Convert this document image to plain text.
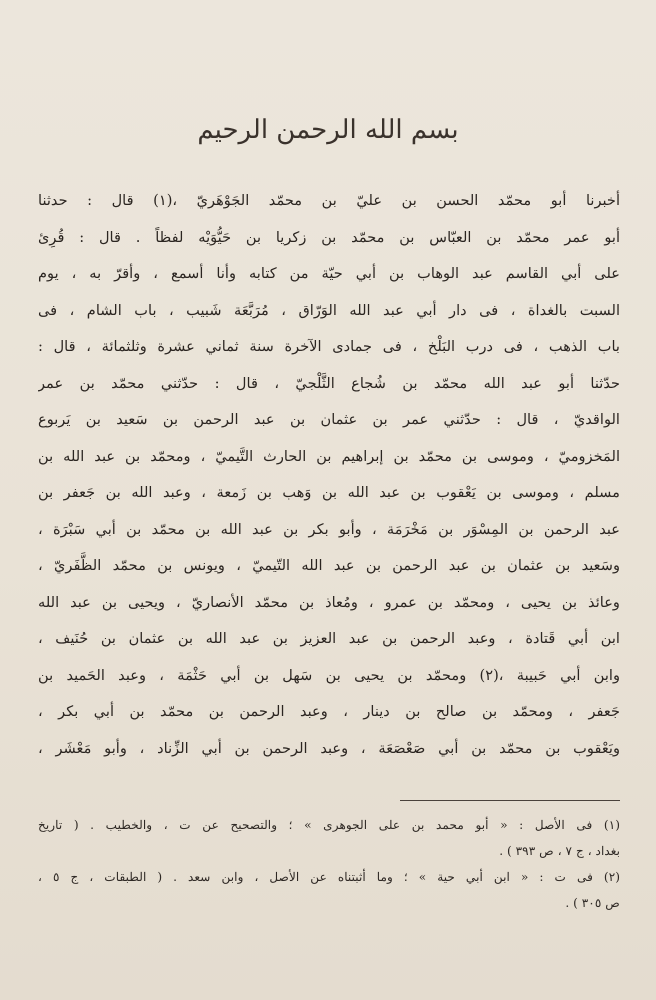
بسم الله الرحمن الرحيم
أخبرنا أبو محمّد الحسن بن عليّ بن محمّد الجَوْهَريّ ،(١) قال : حدثنا
أبو عمر محمّد بن العبّاس بن محمّد بن زكريا بن حَيُّوَيْه لفظاً . قال : قُرِئ
على أبي القاسم عبد الوهاب بن أبي حيّة من كتابه وأنا أسمع ، وأقرّ به ، يوم
السبت بالغداة ، فى دار أبي عبد الله الوَرّاق ، مُرَبَّعَة شَبيب ، باب الشام ، فى
باب الذهب ، فى درب البَلْخ ، فى جمادى الآخرة سنة ثماني عشرة وثلثمائة ، قال :
حدّثنا أبو عبد الله محمّد بن شُجاع الثَّلْجيّ ، قال : حدّثني محمّد بن عمر
الواقديّ ، قال : حدّثني عمر بن عثمان بن عبد الرحمن بن سَعيد بن يَربوع
المَخزوميّ ، وموسى بن محمّد بن إبراهيم بن الحارث التَّيميّ ، ومحمّد بن عبد الله بن
مسلم ، وموسى بن يَعْقوب بن عبد الله بن وَهب بن زَمعة ، وعبد الله بن جَعفر بن
عبد الرحمن بن المِسْوَر بن مَخْرَمَة ، وأبو بكر بن عبد الله بن محمّد بن أبي سَبْرَة ،
وسَعيد بن عثمان بن عبد الرحمن بن عبد الله التّيميّ ، ويونس بن محمّد الظَّفَريّ ،
وعائذ بن يحيى ، ومحمّد بن عمرو ، ومُعاذ بن محمّد الأنصاريّ ، ويحيى بن عبد الله
ابن أبي قَتادة ، وعبد الرحمن بن عبد العزيز بن عبد الله بن عثمان بن حُنَيف ،
وابن أبي حَبيبة ،(٢) ومحمّد بن يحيى بن سَهل بن أبي حَثْمَة ، وعبد الحَميد بن
جَعفر ، ومحمّد بن صالح بن دينار ، وعبد الرحمن بن محمّد بن أبي بكر ،
ويَعْقوب بن محمّد بن أبي صَعْصَعَة ، وعبد الرحمن بن أبي الزِّناد ، وأبو مَعْشَر ،
(١) فى الأصل : « أبو محمد بن على الجوهرى » ؛ والتصحيح عن ت ، والخطيب . ( تاريخ
بغداد ، ج ٧ ، ص ٣٩٣ ) .
(٢) فى ت : « ابن أبي حية » ؛ وما أثبتناه عن الأصل ، وابن سعد . ( الطبقات ، ج ٥ ،
ص ٣٠٥ ) .
